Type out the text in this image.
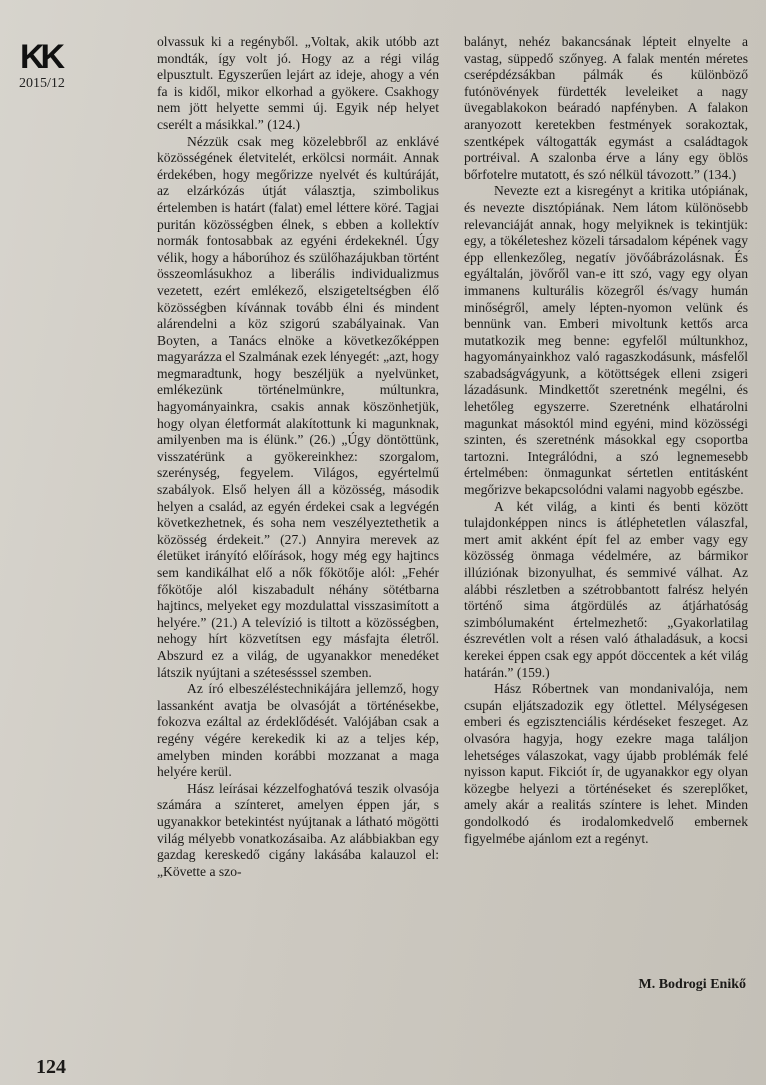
KK
2015/12

olvassuk ki a regényből. „Voltak, akik utóbb azt mondták, így volt jó. Hogy az a régi világ elpusztult. Egyszerűen lejárt az ideje, ahogy a vén fa is kidől, mikor elkorhad a gyökere. Csakhogy nem jött helyette semmi új. Egyik nép helyet cserélt a másikkal.” (124.)

Nézzük csak meg közelebbről az enklávé közösségének életvitelét, erkölcsi normáit. Annak érdekében, hogy megőrizze nyelvét és kultúráját, az elzárkózás útját választja, szimbolikus értelemben is határt (falat) emel léttere köré. Tagjai puritán közösségben élnek, s ebben a kollektív normák fontosabbak az egyéni érdekeknél. Úgy vélik, hogy a háborúhoz és szülőhazájukban történt összeomlásukhoz a liberális individualizmus vezetett, ezért emlékező, elszigeteltségben élő közösségben kívánnak tovább élni és mindent alárendelni a köz szigorú szabályainak. Van Boyten, a Tanács elnöke a következőképpen magyarázza el Szalmának ezek lényegét: „azt, hogy megmaradtunk, hogy beszéljük a nyelvünket, emlékezünk történelmünkre, múltunkra, hagyományainkra, csakis annak köszönhetjük, hogy olyan életformát alakítottunk ki magunknak, amilyenben ma is élünk.” (26.) „Úgy döntöttünk, visszatérünk a gyökereinkhez: szorgalom, szerénység, fegyelem. Világos, egyértelmű szabályok. Első helyen áll a közösség, második helyen a család, az egyén érdekei csak a legvégén következhetnek, és soha nem veszélyeztethetik a közösség érdekeit.” (27.) Annyira merevek az életüket irányító előírások, hogy még egy hajtincs sem kandikálhat elő a nők főkötője alól: „Fehér főkötője alól kiszabadult néhány sötétbarna hajtincs, melyeket egy mozdulattal visszasimított a helyére.” (21.) A televízió is tiltott a közösségben, nehogy hírt közvetítsen egy másfajta életről. Abszurd ez a világ, de ugyanakkor menedéket látszik nyújtani a szétesésssel szemben.

Az író elbeszéléstechnikájára jellemző, hogy lassanként avatja be olvasóját a történésekbe, fokozva ezáltal az érdeklődését. Valójában csak a regény végére kerekedik ki az a teljes kép, amelyben minden korábbi mozzanat a maga helyére kerül.

Hász leírásai kézzelfoghatóvá teszik olvasója számára a színteret, amelyen éppen jár, s ugyanakkor betekintést nyújtanak a látható mögötti világ mélyebb vonatkozásaiba. Az alábbiakban egy gazdag kereskedő cigány lakásába kalauzol el: „Követte a szo-

balányt, nehéz bakancsának lépteit elnyelte a vastag, süppedő szőnyeg. A falak mentén méretes cserépdézsákban pálmák és különböző futónövények fürdették leveleiket a nagy üvegablakokon beáradó napfényben. A falakon aranyozott keretekben festmények sorakoztak, szentképek váltogatták egymást a családtagok portréival. A szalonba érve a lány egy öblös bőrfotelre mutatott, és szó nélkül távozott.” (134.)

Nevezte ezt a kisregényt a kritika utópiának, és nevezte disztópiának. Nem látom különösebb relevanciáját annak, hogy melyiknek is tekintjük: egy, a tökéleteshez közeli társadalom képének vagy épp ellenkezőleg, negatív jövőábrázolásnak. És egyáltalán, jövőről van-e itt szó, vagy egy olyan immanens kulturális közegről és/vagy humán minőségről, amely lépten-nyomon velünk és bennünk van. Emberi mivoltunk kettős arca mutatkozik meg benne: egyfelől múltunkhoz, hagyományainkhoz való ragaszkodásunk, másfelől szabadságvágyunk, a kötöttségek elleni zsigeri lázadásunk. Mindkettőt szeretnénk megélni, és lehetőleg egyszerre. Szeretnénk elhatárolni magunkat másoktól mind egyéni, mind közösségi szinten, és szeretnénk másokkal egy csoportba tartozni. Integrálódni, a szó legnemesebb értelmében: önmagunkat sértetlen entitásként megőrizve bekapcsolódni valami nagyobb egészbe.

A két világ, a kinti és benti között tulajdonképpen nincs is átléphetetlen válaszfal, mert amit akként épít fel az ember vagy egy közösség önmaga védelmére, az bármikor illúziónak bizonyulhat, és semmivé válhat. Az alábbi részletben a szétrobbantott falrész helyén történő sima átgördülés az átjárhatóság szimbólumaként értelmezhető: „Gyakorlatilag észrevétlen volt a résen való áthaladásuk, a kocsi kerekei éppen csak egy apрót döccentek a két világ határán.” (159.)

Hász Róbertnek van mondanivalója, nem csupán eljátszadozik egy ötlettel. Mélységesen emberi és egzisztenciális kérdéseket feszeget. Az olvasóra hagyja, hogy ezekre maga találjon lehetséges válaszokat, vagy újabb problémák felé nyisson kaput. Fikciót ír, de ugyanakkor egy olyan közegbe helyezi a történéseket és szereplőket, amely akár a realitás színtere is lehet. Minden gondolkodó és irodalomkedvelő embernek figyelmébe ajánlom ezt a regényt.

M. Bodrogi Enikő
124
